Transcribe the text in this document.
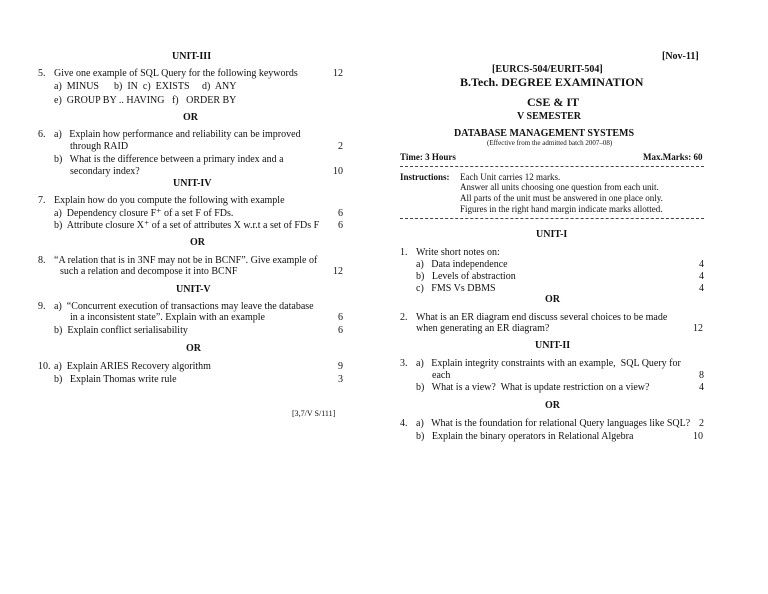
UNIT-III
5. Give one example of SQL Query for the following keywords	12
a)  MINUS      b)  IN  c)  EXISTS     d)  ANY
e)  GROUP BY .. HAVING   f)   ORDER BY
OR
6. a)   Explain how performance and reliability can be improved
through RAID	2
b)   What is the difference between a primary index and a
secondary index?	10
UNIT-IV
7. Explain how do you compute the following with example
a)  Dependency closure F⁺ of a set F of FDs.	6
b)  Attribute closure X⁺ of a set of attributes X w.r.t a set of FDs F 6
OR
8. “A relation that is in 3NF may not be in BCNF”. Give example of
such a relation and decompose it into BCNF	12
UNIT-V
9. a)  “Concurrent execution of transactions may leave the database
in a inconsistent state”. Explain with an example	6
b)  Explain conflict serialisability	6
OR
10. a)  Explain ARIES Recovery algorithm	9
b)   Explain Thomas write rule	3
[3,7/V S/111]
[Nov-11]
[EURCS-504/EURIT-504]
B.Tech. DEGREE EXAMINATION
CSE & IT
V SEMESTER
DATABASE MANAGEMENT SYSTEMS
(Effective from the admitted batch 2007–08)
Time: 3 Hours	Max.Marks: 60
Instructions: Each Unit carries 12 marks.
Answer all units choosing one question from each unit.
All parts of the unit must be answered in one place only.
Figures in the right hand margin indicate marks allotted.
UNIT-I
1. Write short notes on:
a)   Data independence	4
b)   Levels of abstraction	4
c)   FMS Vs DBMS	4
OR
2. What is an ER diagram end discuss several choices to be made
when generating an ER diagram?	12
UNIT-II
3. a)   Explain integrity constraints with an example,  SQL Query for
each	8
b)   What is a view?  What is update restriction on a view?	4
OR
4. a)   What is the foundation for relational Query languages like SQL? 2
b)   Explain the binary operators in Relational Algebra	10
